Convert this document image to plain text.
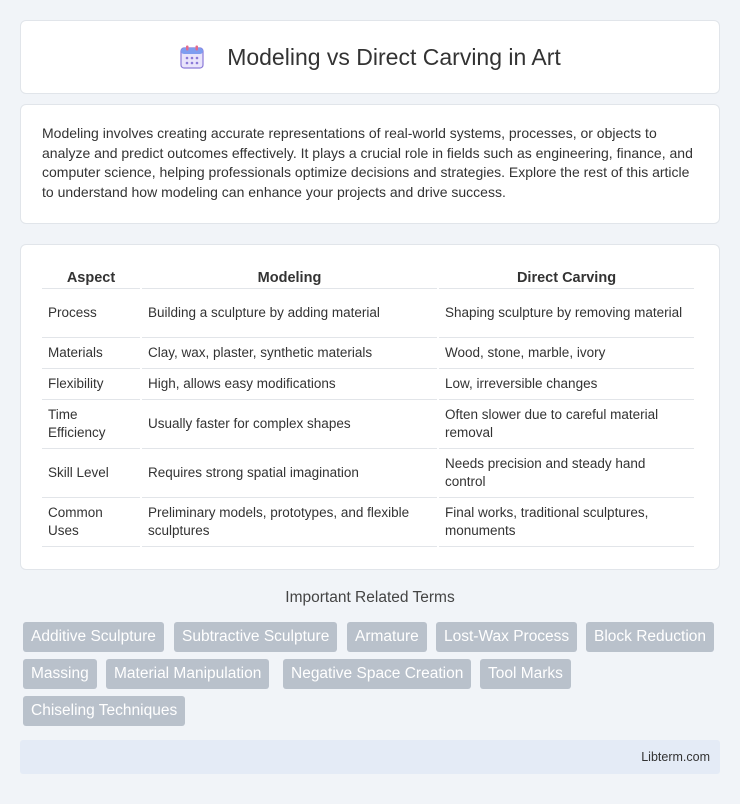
Modeling vs Direct Carving in Art

Modeling involves creating accurate representations of real-world systems, processes, or objects to analyze and predict outcomes effectively. It plays a crucial role in fields such as engineering, finance, and computer science, helping professionals optimize decisions and strategies. Explore the rest of this article to understand how modeling can enhance your projects and drive success.

Aspect	Modeling	Direct Carving
Process	Building a sculpture by adding material	Shaping sculpture by removing material
Materials	Clay, wax, plaster, synthetic materials	Wood, stone, marble, ivory
Flexibility	High, allows easy modifications	Low, irreversible changes
Time Efficiency	Usually faster for complex shapes	Often slower due to careful material removal
Skill Level	Requires strong spatial imagination	Needs precision and steady hand control
Common Uses	Preliminary models, prototypes, and flexible sculptures	Final works, traditional sculptures, monuments
Important Related Terms
Additive Sculpture	Subtractive Sculpture	Armature	Lost-Wax Process	Block Reduction
Massing	Material Manipulation	Negative Space Creation	Tool Marks
Chiseling Techniques
Libterm.com
